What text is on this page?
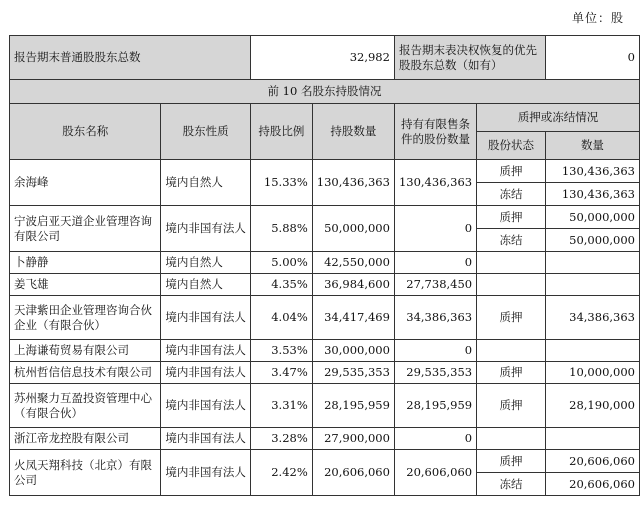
单位：股
报告期末普通股股东总数		32,982		报告期末表决权恢复的优先股股东总数（如有）		0
前 10 名股东持股情况						
股东名称	股东性质	持股比例	持股数量	持有有限售条件的股份数量	质押或冻结情况	
					股份状态	数量
余海峰	境内自然人	15.33%	130,436,363	130,436,363	质押	130,436,363
					冻结	130,436,363
宁波启亚天道企业管理咨询有限公司	境内非国有法人	5.88%	50,000,000	0	质押	50,000,000
					冻结	50,000,000
卜静静	境内自然人	5.00%	42,550,000	0		
姜飞雄	境内自然人	4.35%	36,984,600	27,738,450		
天津紫田企业管理咨询合伙企业（有限合伙）	境内非国有法人	4.04%	34,417,469	34,386,363	质押	34,386,363
上海谦荀贸易有限公司	境内非国有法人	3.53%	30,000,000	0		
杭州哲信信息技术有限公司	境内非国有法人	3.47%	29,535,353	29,535,353	质押	10,000,000
苏州聚力互盈投资管理中心（有限合伙）	境内非国有法人	3.31%	28,195,959	28,195,959	质押	28,190,000
浙江帝龙控股有限公司	境内非国有法人	3.28%	27,900,000	0		
火凤天翔科技（北京）有限公司	境内非国有法人	2.42%	20,606,060	20,606,060	质押	20,606,060
					冻结	20,606,060
